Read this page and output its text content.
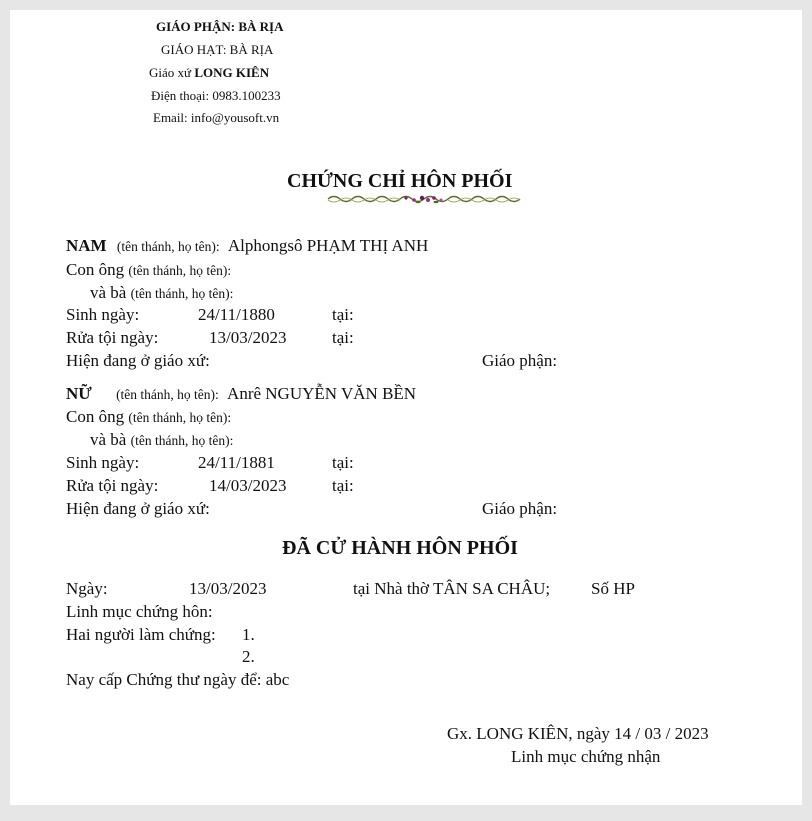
GIÁO PHẬN: BÀ RỊA
GIÁO HẠT: BÀ RỊA
Giáo xứ LONG KIÊN
Điện thoại: 0983.100233
Email: info@yousoft.vn
CHỨNG CHỈ HÔN PHỐI
NAM (tên thánh, họ tên): Alphongsô PHẠM THỊ ANH
Con ông (tên thánh, họ tên):
và bà (tên thánh, họ tên):
Sinh ngày:	24/11/1880	tại:
Rửa tội ngày:	13/03/2023	tại:
Hiện đang ở giáo xứ:	Giáo phận:
NỮ (tên thánh, họ tên): Anrê NGUYỄN VĂN BỀN
Con ông (tên thánh, họ tên):
và bà (tên thánh, họ tên):
Sinh ngày:	24/11/1881	tại:
Rửa tội ngày:	14/03/2023	tại:
Hiện đang ở giáo xứ:	Giáo phận:
ĐÃ CỬ HÀNH HÔN PHỐI
Ngày:	13/03/2023	tại Nhà thờ TÂN SA CHÂU; Số HP
Linh mục chứng hôn:
Hai người làm chứng: 1.
2.
Nay cấp Chứng thư ngày để: abc
Gx. LONG KIÊN, ngày 14 / 03 / 2023
Linh mục chứng nhận
